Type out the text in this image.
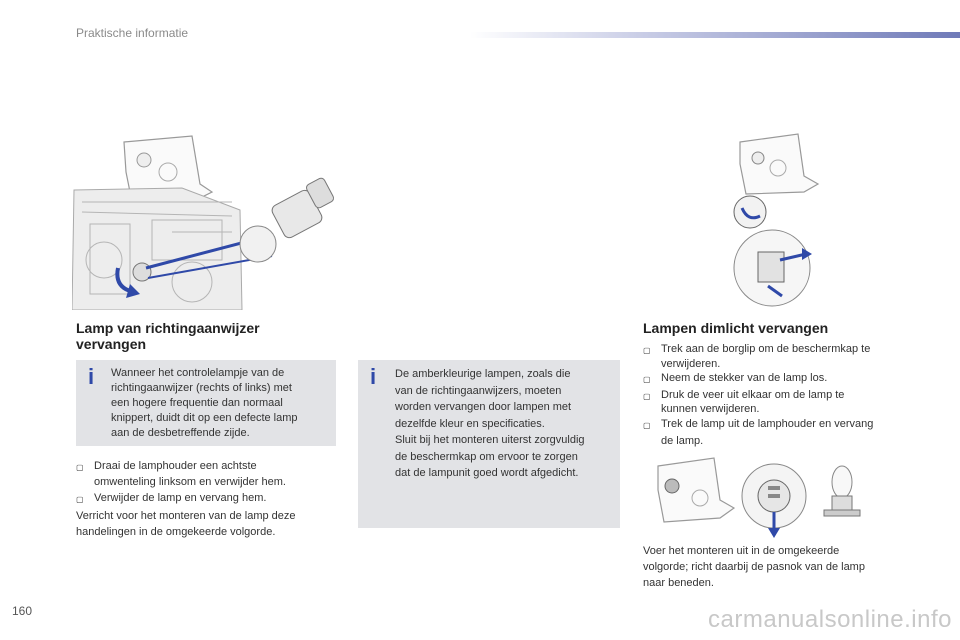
Praktische informatie
Lamp van richtingaanwijzer
vervangen
i Wanneer het controlelampje van de
richtingaanwijzer (rechts of links) met
een hogere frequentie dan normaal
knippert, duidt dit op een defecte lamp
aan de desbetreffende zijde.
▢ Draai de lamphouder een achtste
omwenteling linksom en verwijder hem.
▢ Verwijder de lamp en vervang hem.
Verricht voor het monteren van de lamp deze
handelingen in de omgekeerde volgorde.
i De amberkleurige lampen, zoals die
van de richtingaanwijzers, moeten
worden vervangen door lampen met
dezelfde kleur en specificaties.
Sluit bij het monteren uiterst zorgvuldig
de beschermkap om ervoor te zorgen
dat de lampunit goed wordt afgedicht.
Lampen dimlicht vervangen
▢ Trek aan de borglip om de beschermkap te
verwijderen.
▢ Neem de stekker van de lamp los.
▢ Druk de veer uit elkaar om de lamp te
kunnen verwijderen.
▢ Trek de lamp uit de lamphouder en vervang
de lamp.
Voer het monteren uit in de omgekeerde
volgorde; richt daarbij de pasnok van de lamp
naar beneden.
160	carmanualsonline.info
